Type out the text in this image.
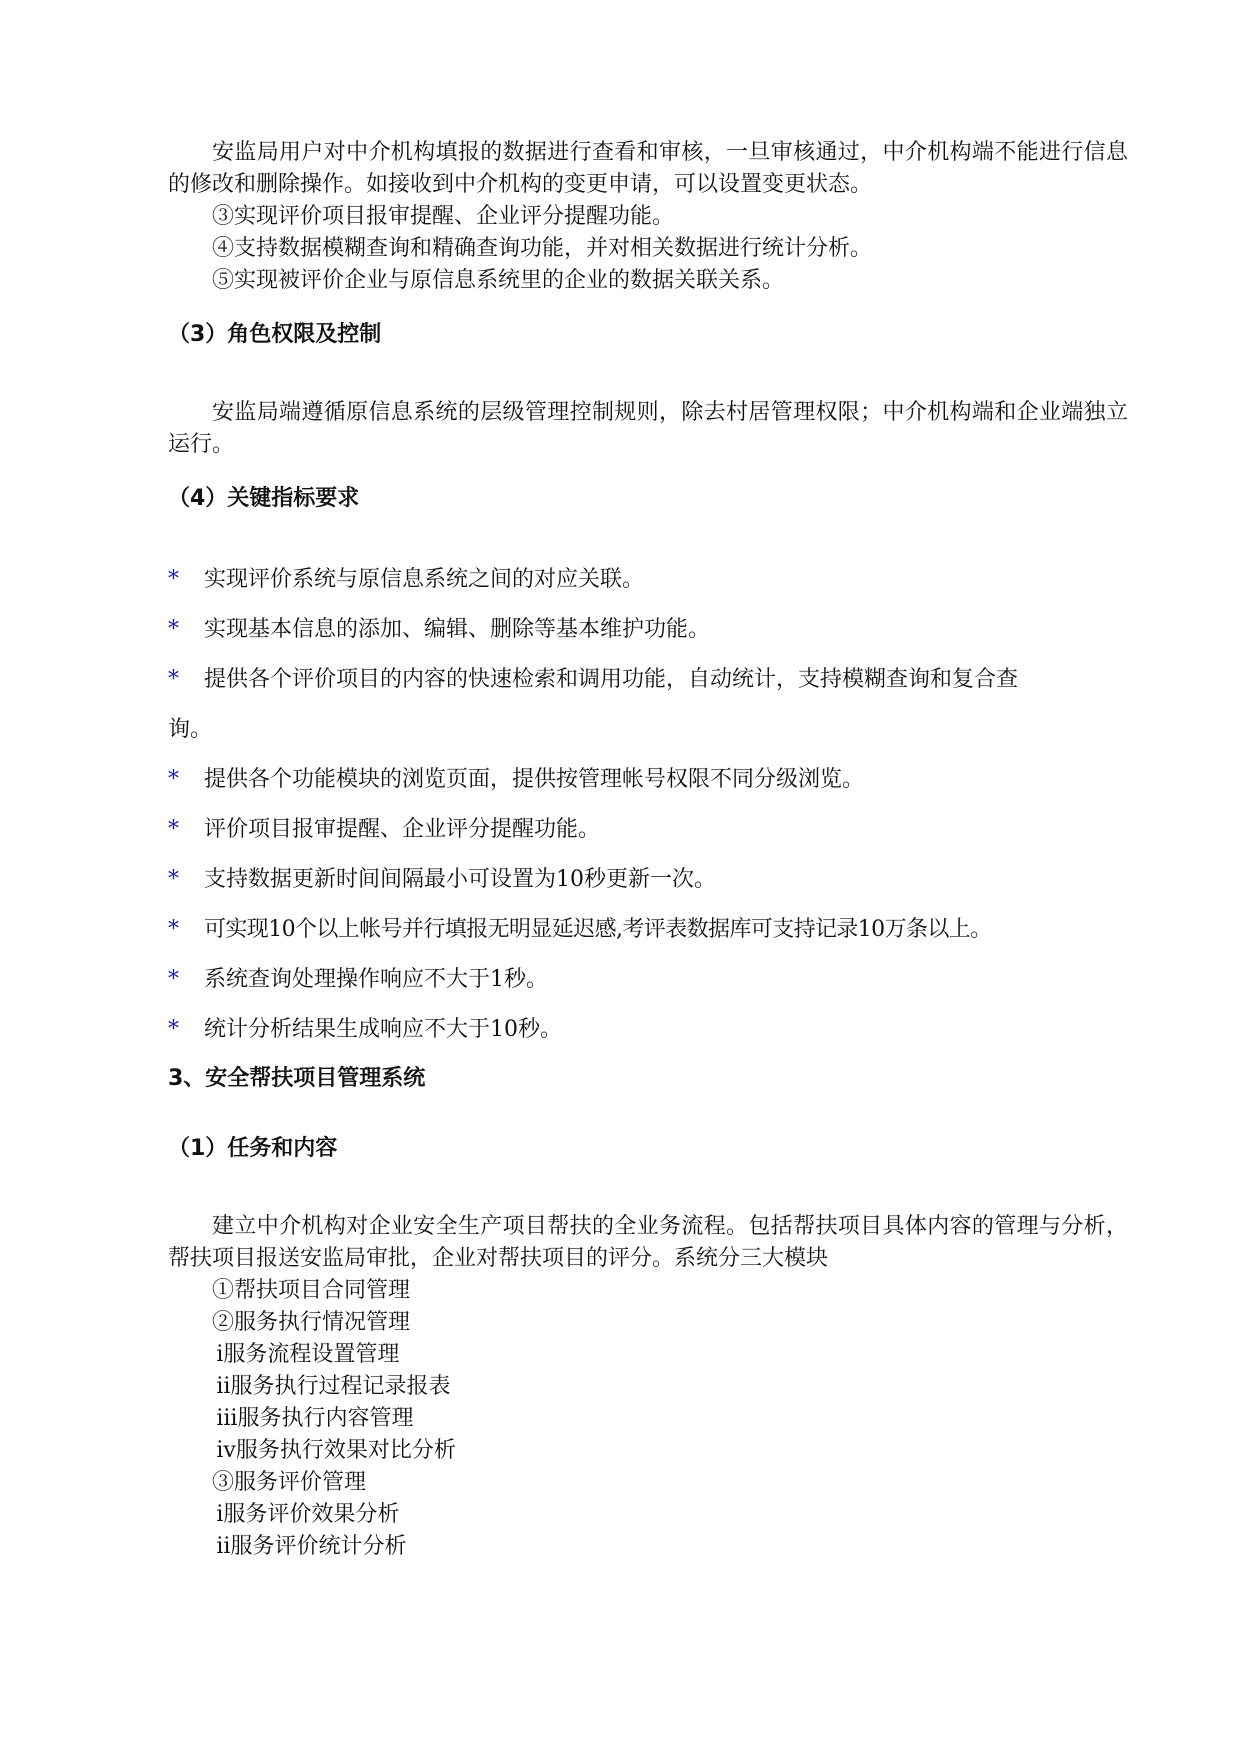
安监局用户对中介机构填报的数据进行查看和审核，一旦审核通过，中介机构端不能进行信息的修改和删除操作。如接收到中介机构的变更申请，可以设置变更状态。

③实现评价项目报审提醒、企业评分提醒功能。

④支持数据模糊查询和精确查询功能，并对相关数据进行统计分析。

⑤实现被评价企业与原信息系统里的企业的数据关联关系。

（3）角色权限及控制

安监局端遵循原信息系统的层级管理控制规则，除去村居管理权限；中介机构端和企业端独立运行。

（4）关键指标要求

*	实现评价系统与原信息系统之间的对应关联。
*	实现基本信息的添加、编辑、删除等基本维护功能。
*	提供各个评价项目的内容的快速检索和调用功能，自动统计，支持模糊查询和复合查
询。
*	提供各个功能模块的浏览页面，提供按管理帐号权限不同分级浏览。
*	评价项目报审提醒、企业评分提醒功能。
*	支持数据更新时间间隔最小可设置为10秒更新一次。
*	可实现10个以上帐号并行填报无明显延迟感,考评表数据库可支持记录10万条以上。
*	系统查询处理操作响应不大于1秒。
*	统计分析结果生成响应不大于10秒。

3、安全帮扶项目管理系统

（1）任务和内容

建立中介机构对企业安全生产项目帮扶的全业务流程。包括帮扶项目具体内容的管理与分析，帮扶项目报送安监局审批，企业对帮扶项目的评分。系统分三大模块

①帮扶项目合同管理

②服务执行情况管理

ⅰ服务流程设置管理

ⅱ服务执行过程记录报表

ⅲ服务执行内容管理

ⅳ服务执行效果对比分析

③服务评价管理

ⅰ服务评价效果分析

ⅱ服务评价统计分析
